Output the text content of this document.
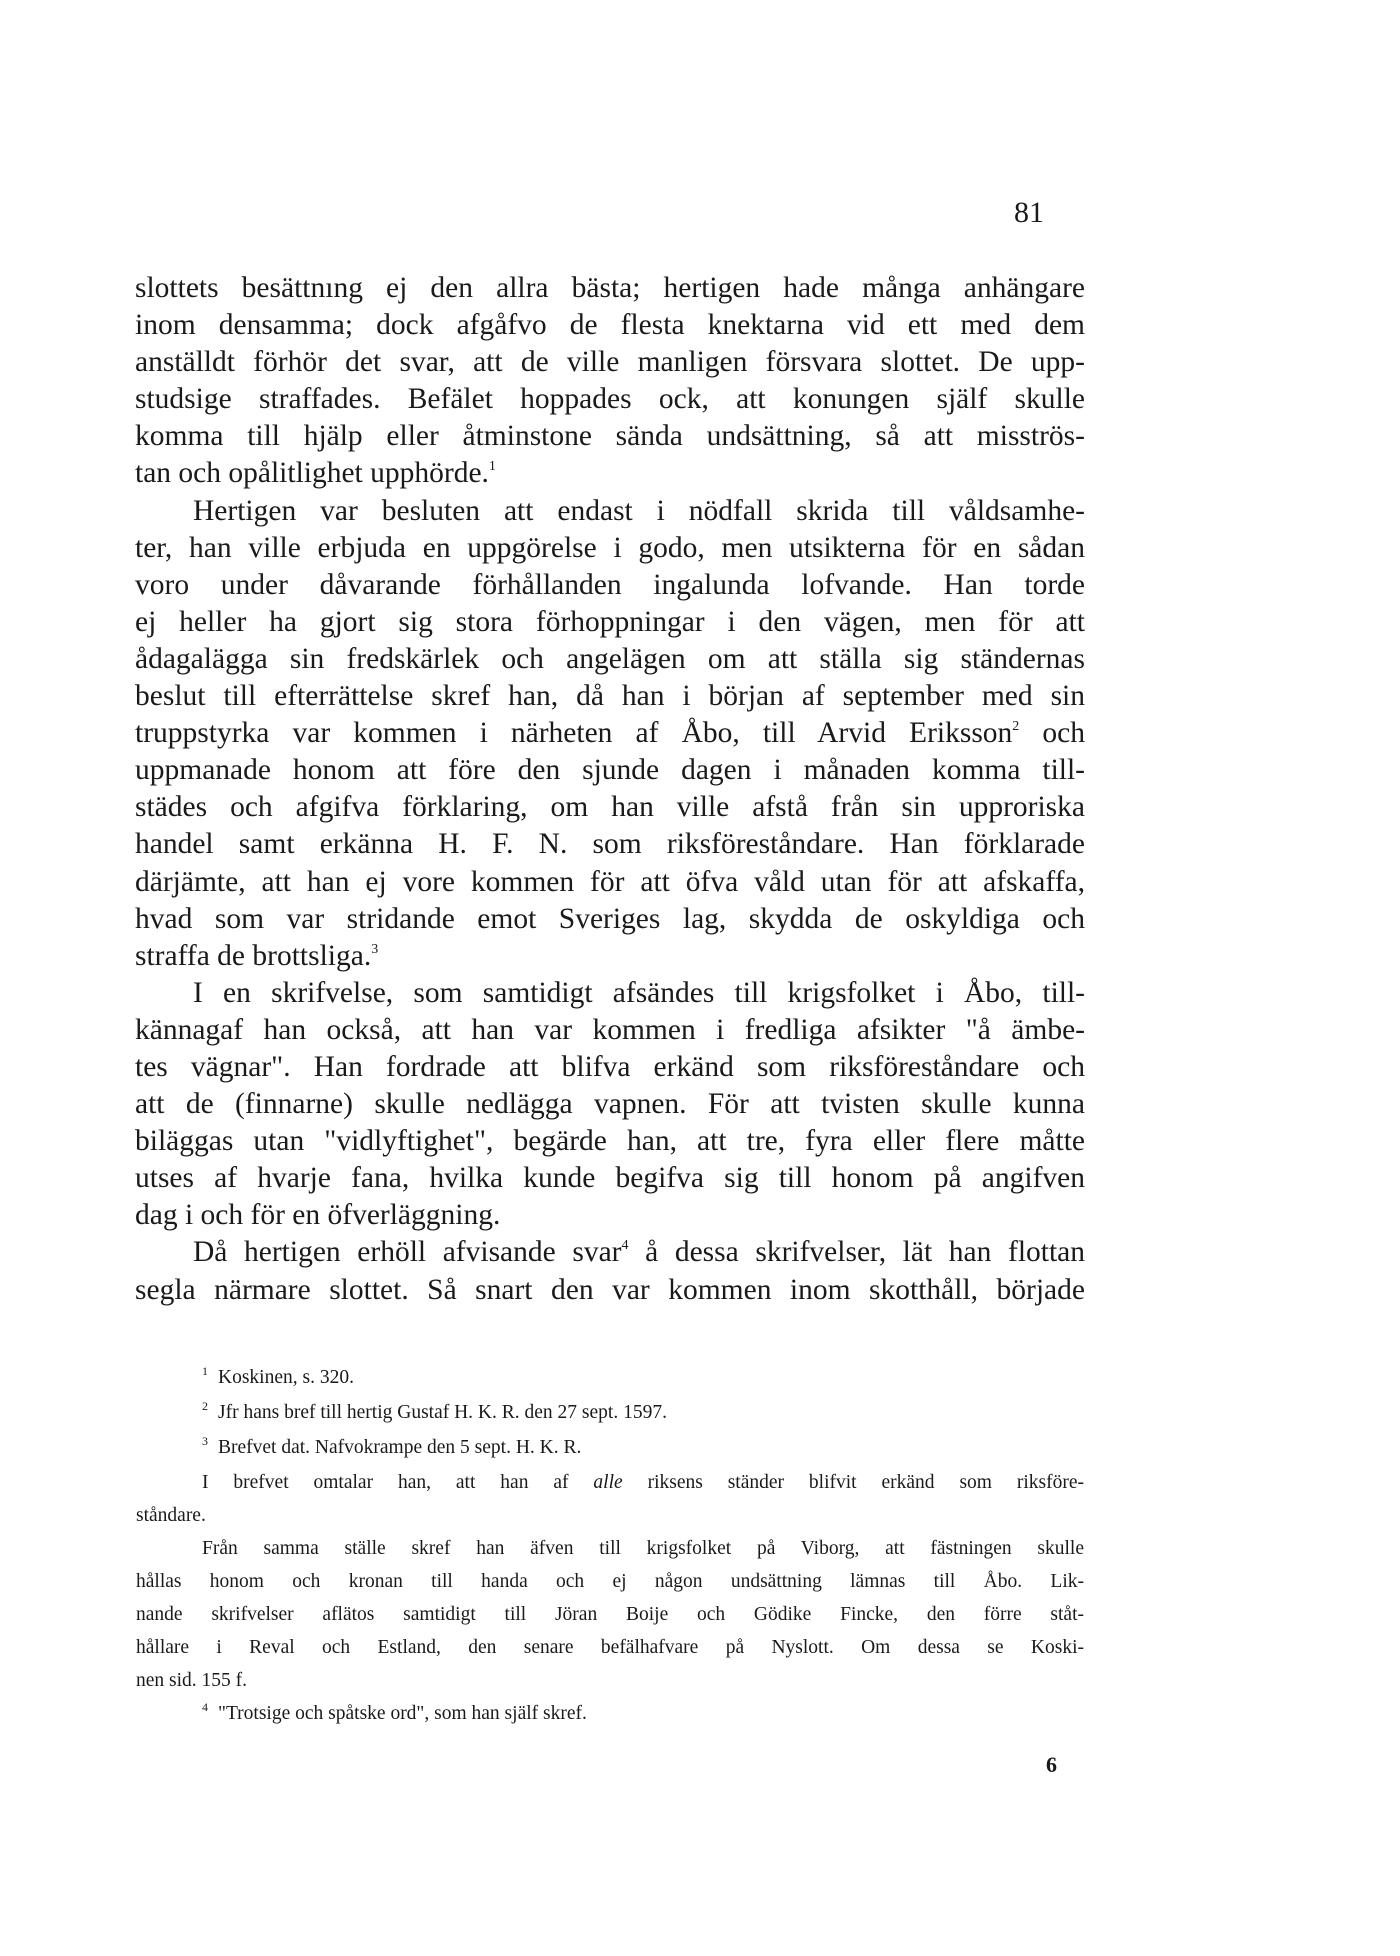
81

slottets besättnıng ej den allra bästa; hertigen hade många anhängare

inom densamma; dock afgåfvo de flesta knektarna vid ett med dem

anställdt förhör det svar, att de ville manligen försvara slottet. De upp-

studsige straffades. Befälet hoppades ock, att konungen själf skulle

komma till hjälp eller åtminstone sända undsättning, så att misströs-

tan och opålitlighet upphörde.$^1$

Hertigen var besluten att endast i nödfall skrida till våldsamhe-

ter, han ville erbjuda en uppgörelse i godo, men utsikterna för en sådan

voro under dåvarande förhållanden ingalunda lofvande. Han torde

ej heller ha gjort sig stora förhoppningar i den vägen, men för att

ådagalägga sin fredskärlek och angelägen om att ställa sig ständernas

beslut till efterrättelse skref han, då han i början af september med sin

truppstyrka var kommen i närheten af Åbo, till Arvid Eriksson$^2$ och

uppmanade honom att före den sjunde dagen i månaden komma till-

städes och afgifva förklaring, om han ville afstå från sin upproriska

handel samt erkänna H. F. N. som riksföreståndare. Han förklarade

därjämte, att han ej vore kommen för att öfva våld utan för att afskaffa,

hvad som var stridande emot Sveriges lag, skydda de oskyldiga och

straffa de brottsliga.$^3$

I en skrifvelse, som samtidigt afsändes till krigsfolket i Åbo, till-

kännagaf han också, att han var kommen i fredliga afsikter "å ämbe-

tes vägnar". Han fordrade att blifva erkänd som riksföreståndare och

att de (finnarne) skulle nedlägga vapnen. För att tvisten skulle kunna

biläggas utan "vidlyftighet", begärde han, att tre, fyra eller flere måtte

utses af hvarje fana, hvilka kunde begifva sig till honom på angifven

dag i och för en öfverläggning.

Då hertigen erhöll afvisande svar$^4$ å dessa skrifvelser, lät han flottan

segla närmare slottet. Så snart den var kommen inom skotthåll, började

1 Koskinen, s. 320.

2 Jfr hans bref till hertig Gustaf H. K. R. den 27 sept. 1597.

3 Brefvet dat. Nafvokrampe den 5 sept. H. K. R.

I brefvet omtalar han, att han af alle riksens ständer blifvit erkänd som riksföre-

ståndare.

Från samma ställe skref han äfven till krigsfolket på Viborg, att fästningen skulle

hållas honom och kronan till handa och ej någon undsättning lämnas till Åbo. Lik-

nande skrifvelser aflätos samtidigt till Jöran Boije och Gödike Fincke, den förre ståt-

hållare i Reval och Estland, den senare befälhafvare på Nyslott. Om dessa se Koski-

nen sid. 155 f.

4 "Trotsige och spåtske ord", som han själf skref.

6
